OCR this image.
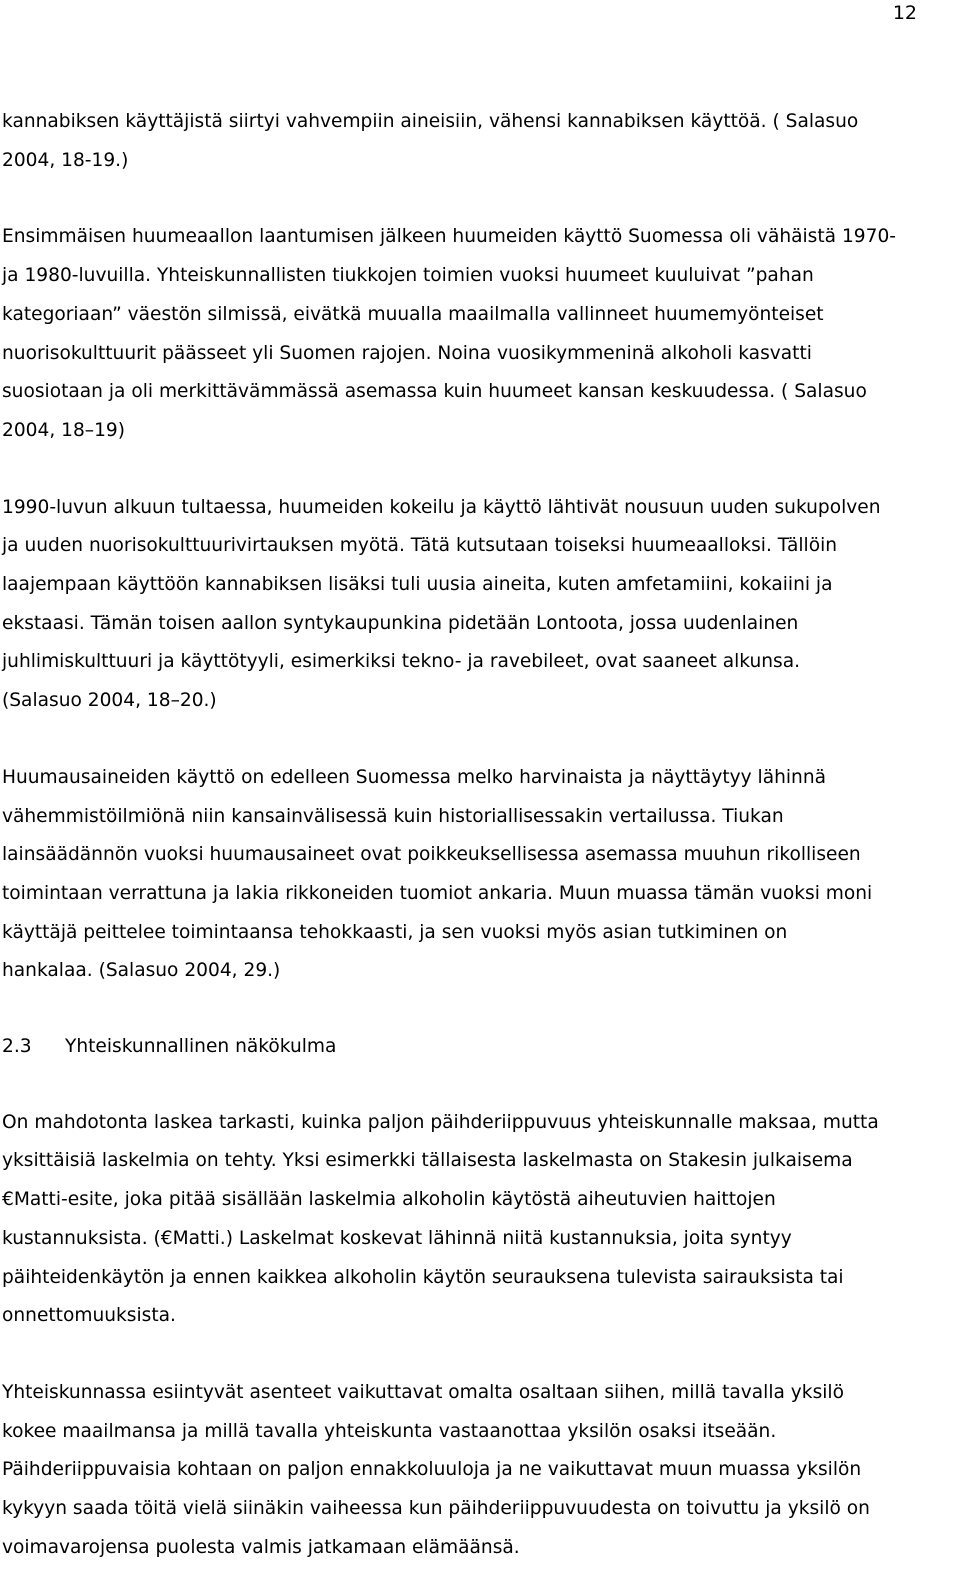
12

kannabiksen käyttäjistä siirtyi vahvempiin aineisiin, vähensi kannabiksen käyttöä. ( Salasuo

2004, 18-19.)

Ensimmäisen huumeaallon laantumisen jälkeen huumeiden käyttö Suomessa oli vähäistä 1970-

ja 1980-luvuilla. Yhteiskunnallisten tiukkojen toimien vuoksi huumeet kuuluivat ”pahan

kategoriaan” väestön silmissä, eivätkä muualla maailmalla vallinneet huumemyönteiset

nuorisokulttuurit päässeet yli Suomen rajojen. Noina vuosikymmeninä alkoholi kasvatti

suosiotaan ja oli merkittävämmässä asemassa kuin huumeet kansan keskuudessa. ( Salasuo

2004, 18–19)

1990-luvun alkuun tultaessa, huumeiden kokeilu ja käyttö lähtivät nousuun uuden sukupolven

ja uuden nuorisokulttuurivirtauksen myötä. Tätä kutsutaan toiseksi huumeaalloksi. Tällöin

laajempaan käyttöön kannabiksen lisäksi tuli uusia aineita, kuten amfetamiini, kokaiini ja

ekstaasi. Tämän toisen aallon syntykaupunkina pidetään Lontoota, jossa uudenlainen

juhlimiskulttuuri ja käyttötyyli, esimerkiksi tekno- ja ravebileet, ovat saaneet alkunsa.

(Salasuo 2004, 18–20.)

Huumausaineiden käyttö on edelleen Suomessa melko harvinaista ja näyttäytyy lähinnä

vähemmistöilmiönä niin kansainvälisessä kuin historiallisessakin vertailussa. Tiukan

lainsäädännön vuoksi huumausaineet ovat poikkeuksellisessa asemassa muuhun rikolliseen

toimintaan verrattuna ja lakia rikkoneiden tuomiot ankaria. Muun muassa tämän vuoksi moni

käyttäjä peittelee toimintaansa tehokkaasti, ja sen vuoksi myös asian tutkiminen on

hankalaa. (Salasuo 2004, 29.)

2.3	Yhteiskunnallinen näkökulma

On mahdotonta laskea tarkasti, kuinka paljon päihderiippuvuus yhteiskunnalle maksaa, mutta

yksittäisiä laskelmia on tehty. Yksi esimerkki tällaisesta laskelmasta on Stakesin julkaisema

€Matti-esite, joka pitää sisällään laskelmia alkoholin käytöstä aiheutuvien haittojen

kustannuksista. (€Matti.) Laskelmat koskevat lähinnä niitä kustannuksia, joita syntyy

päihteidenkäytön ja ennen kaikkea alkoholin käytön seurauksena tulevista sairauksista tai

onnettomuuksista.

Yhteiskunnassa esiintyvät asenteet vaikuttavat omalta osaltaan siihen, millä tavalla yksilö

kokee maailmansa ja millä tavalla yhteiskunta vastaanottaa yksilön osaksi itseään.

Päihderiippuvaisia kohtaan on paljon ennakkoluuloja ja ne vaikuttavat muun muassa yksilön

kykyyn saada töitä vielä siinäkin vaiheessa kun päihderiippuvuudesta on toivuttu ja yksilö on

voimavarojensa puolesta valmis jatkamaan elämäänsä.
